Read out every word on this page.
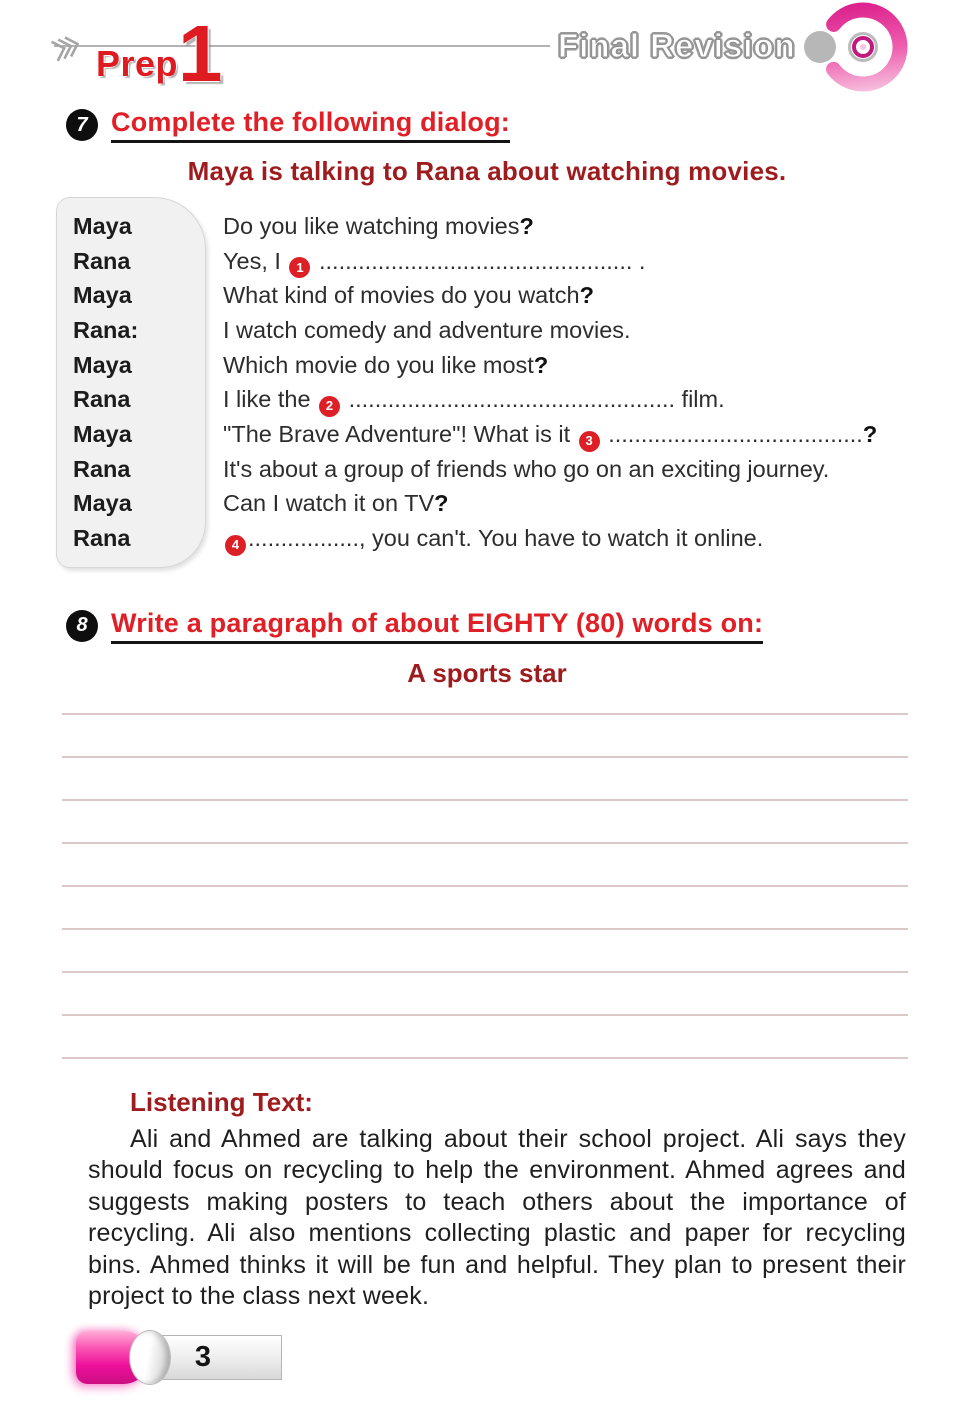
Prep 1	Final Revision
7 Complete the following dialog:
Maya is talking to Rana about watching movies.
Maya	Do you like watching movies?
Rana	Yes, I 1 ................................................ .
Maya	What kind of movies do you watch?
Rana:	I watch comedy and adventure movies.
Maya	Which movie do you like most?
Rana	I like the 2 .................................................. film.
Maya	"The Brave Adventure"! What is it 3 .......................................?
Rana	It's about a group of friends who go on an exciting journey.
Maya	Can I watch it on TV?
Rana	4 ................., you can't. You have to watch it online.
8 Write a paragraph of about EIGHTY (80) words on:
A sports star
Listening Text:

Ali and Ahmed are talking about their school project. Ali says they should focus on recycling to help the environment. Ahmed agrees and suggests making posters to teach others about the importance of recycling. Ali also mentions collecting plastic and paper for recycling bins. Ahmed thinks it will be fun and helpful. They plan to present their project to the class next week.

3
